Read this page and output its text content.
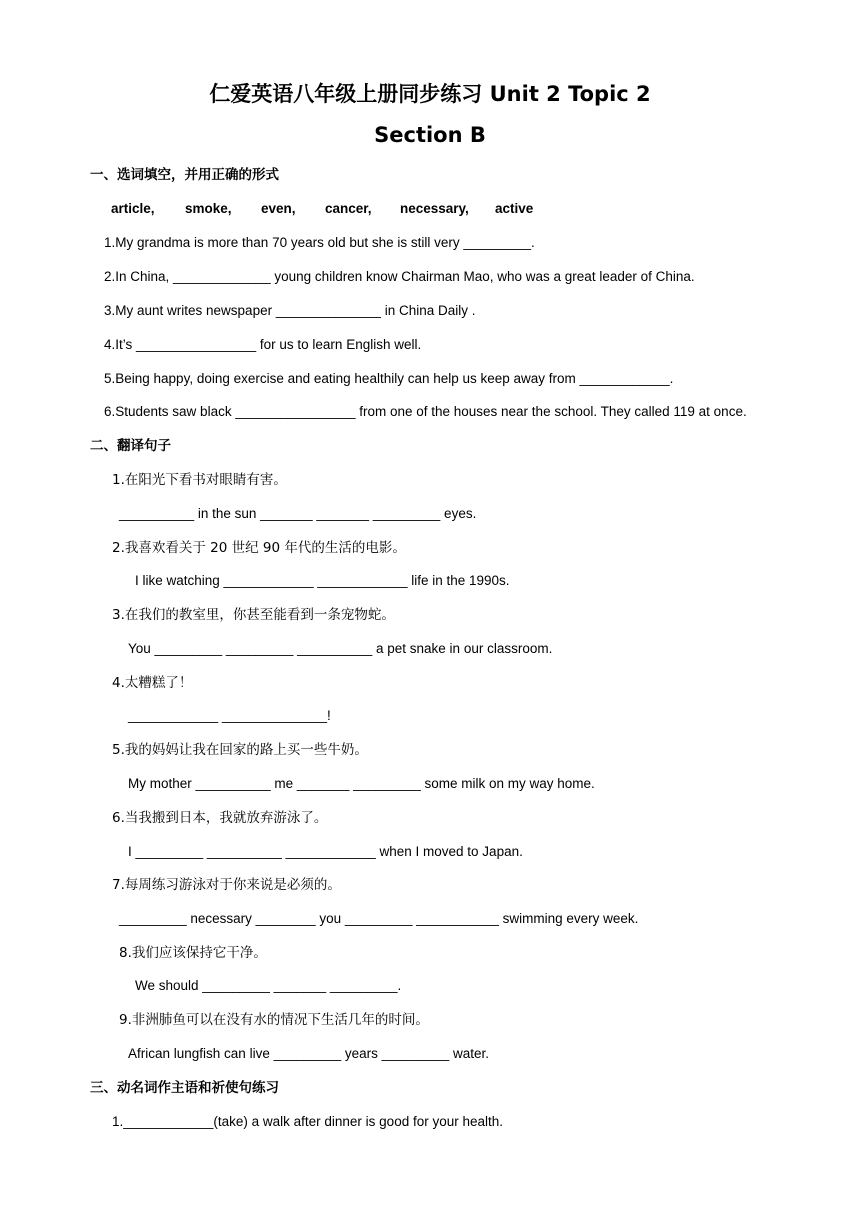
仁爱英语八年级上册同步练习 Unit 2 Topic 2
Section B
一、选词填空，并用正确的形式
article, smoke, even, cancer, necessary, active
1.My grandma is more than 70 years old but she is still very _________.
2.In China, _____________ young children know Chairman Mao, who was a great leader of China.
3.My aunt writes newspaper ______________ in China Daily .
4.It’s ________________ for us to learn English well.
5.Being happy, doing exercise and eating healthily can help us keep away from ____________.
6.Students saw black ________________ from one of the houses near the school. They called 119 at once.
二、翻译句子
1.在阳光下看书对眼睛有害。
__________ in the sun _______ _______ _________ eyes.
2.我喜欢看关于 20 世纪 90 年代的生活的电影。
I like watching ____________ ____________ life in the 1990s.
3.在我们的教室里，你甚至能看到一条宠物蛇。
You _________ _________ __________ a pet snake in our classroom.
4.太糟糕了！
____________ ______________!
5.我的妈妈让我在回家的路上买一些牛奶。
My mother __________ me _______ _________ some milk on my way home.
6.当我搬到日本，我就放弃游泳了。
I _________ __________ ____________ when I moved to Japan.
7.每周练习游泳对于你来说是必须的。
_________ necessary ________ you _________ ___________ swimming every week.
8.我们应该保持它干净。
We should _________ _______ _________.
9.非洲肺鱼可以在没有水的情况下生活几年的时间。
African lungfish can live _________ years _________ water.
三、动名词作主语和祈使句练习
1.____________(take) a walk after dinner is good for your health.
